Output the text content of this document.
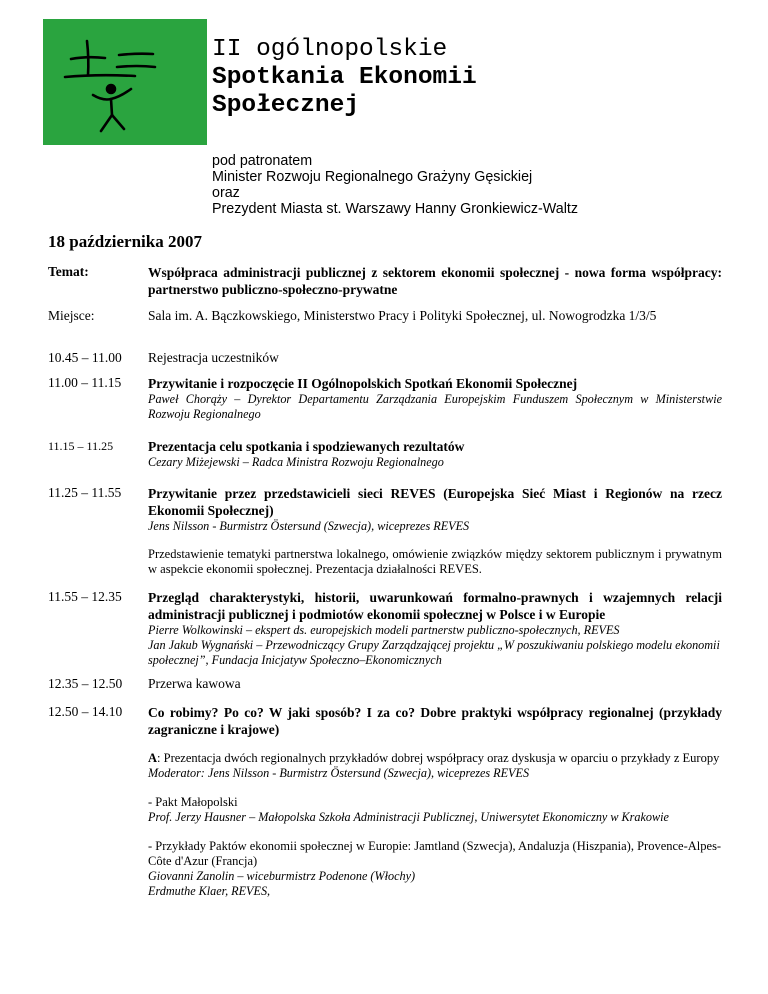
II ogólnopolskie
Spotkania Ekonomii
Społecznej
pod patronatem
Minister Rozwoju Regionalnego Grażyny Gęsickiej
oraz
Prezydent Miasta st. Warszawy Hanny Gronkiewicz-Waltz
18 października 2007
Temat:	Współpraca administracji publicznej z sektorem ekonomii społecznej - nowa forma współpracy: partnerstwo publiczno-społeczno-prywatne
Miejsce:	Sala im. A. Bączkowskiego, Ministerstwo Pracy i Polityki Społecznej, ul. Nowogrodzka 1/3/5
10.45 – 11.00	Rejestracja uczestników
11.00 – 11.15	Przywitanie i rozpoczęcie II Ogólnopolskich Spotkań Ekonomii Społecznej
Paweł Chorąży – Dyrektor Departamentu Zarządzania Europejskim Funduszem Społecznym w Ministerstwie Rozwoju Regionalnego
11.15 – 11.25	Prezentacja celu spotkania i spodziewanych rezultatów
Cezary Miżejewski – Radca Ministra Rozwoju Regionalnego
11.25 – 11.55	Przywitanie przez przedstawicieli sieci REVES (Europejska Sieć Miast i Regionów na rzecz Ekonomii Społecznej)
Jens Nilsson - Burmistrz Östersund (Szwecja), wiceprezes REVES
Przedstawienie tematyki partnerstwa lokalnego, omówienie związków między sektorem publicznym i prywatnym w aspekcie ekonomii społecznej. Prezentacja działalności REVES.
11.55 – 12.35	Przegląd charakterystyki, historii, uwarunkowań formalno-prawnych i wzajemnych relacji administracji publicznej i podmiotów ekonomii społecznej w Polsce i w Europie
Pierre Wolkowinski – ekspert ds. europejskich modeli partnerstw publiczno-społecznych, REVES
Jan Jakub Wygnański – Przewodniczący Grupy Zarządzającej projektu „W poszukiwaniu polskiego modelu ekonomii społecznej”, Fundacja Inicjatyw Społeczno–Ekonomicznych
12.35 – 12.50	Przerwa kawowa
12.50 – 14.10	Co robimy? Po co? W jaki sposób? I za co? Dobre praktyki współpracy regionalnej (przykłady zagraniczne i krajowe)
A: Prezentacja dwóch regionalnych przykładów dobrej współpracy oraz dyskusja w oparciu o przykłady z Europy
Moderator: Jens Nilsson - Burmistrz Östersund (Szwecja), wiceprezes REVES
- Pakt Małopolski
Prof. Jerzy Hausner – Małopolska Szkoła Administracji Publicznej, Uniwersytet Ekonomiczny w Krakowie
- Przykłady Paktów ekonomii społecznej w Europie: Jamtland (Szwecja), Andaluzja (Hiszpania), Provence-Alpes-Côte d'Azur (Francja)
Giovanni Zanolin – wiceburmistrz Podenone (Włochy)
Erdmuthe Klaer, REVES,
